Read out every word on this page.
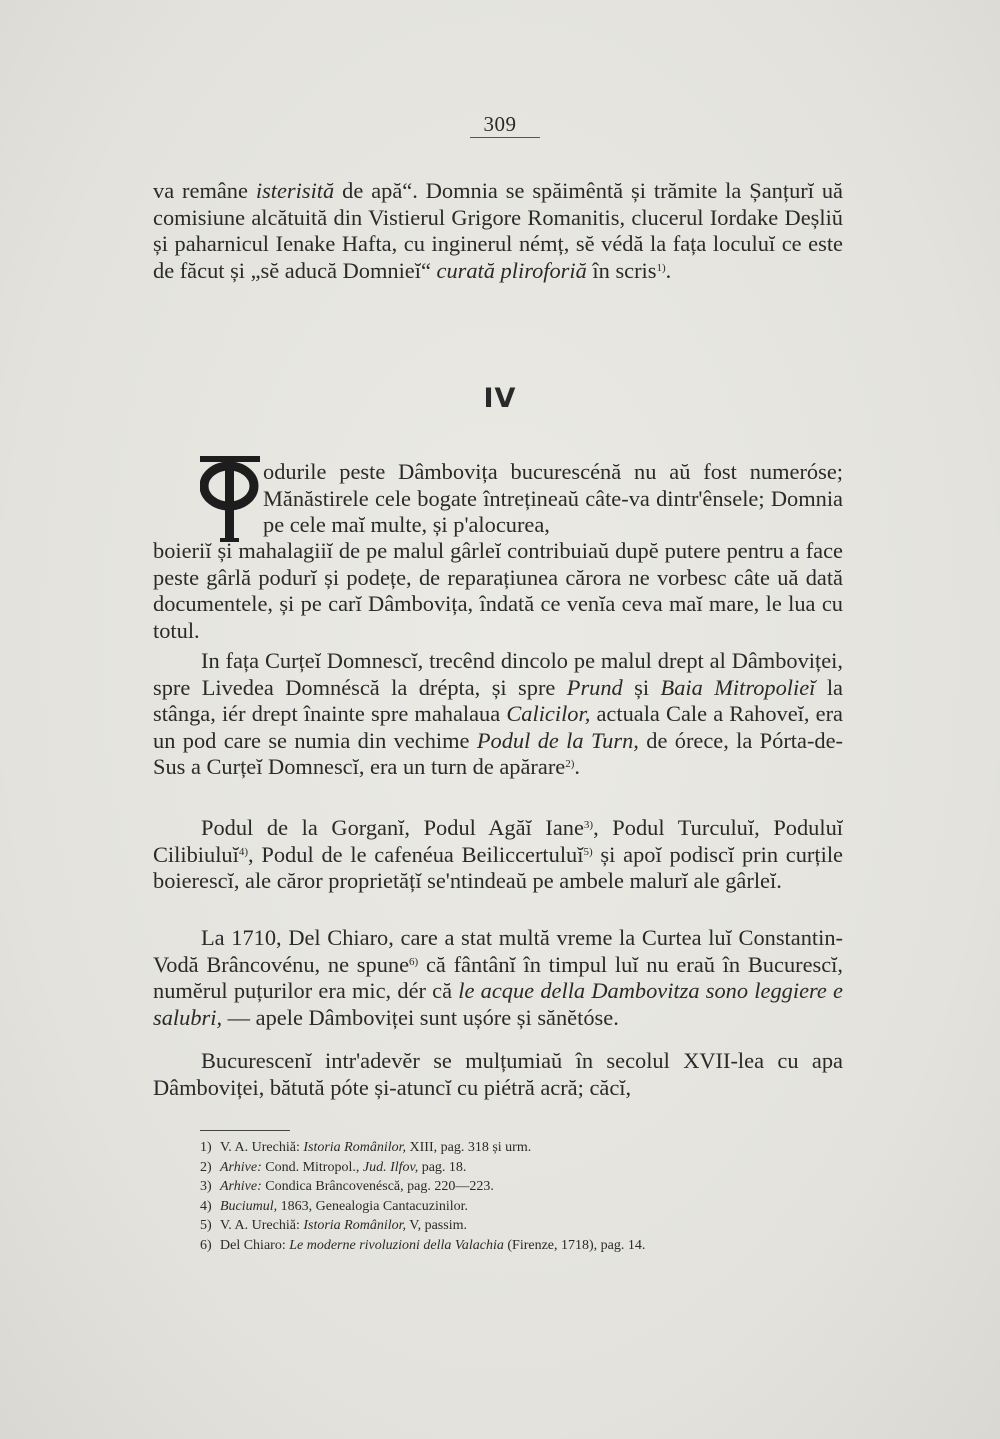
309
va remâne isterisită de apă“. Domnia se spăimêntă și trămite la Șanțurĭ uă comisiune alcătuită din Vistierul Grigore Romanitis, clucerul Iordake Deșliŭ și paharnicul Ienake Hafta, cu inginerul némț, sĕ védă la fața loculuĭ ce este de făcut și „sĕ aducă Domnieĭ“ curată pliroforiă în scris$^{1)}$.
IV
odurile peste Dâmbovița bucurescénă nu aŭ fost numeróse; Mănăstirele cele bogate întrețineaŭ câte-va dintr'ênsele; Domnia pe cele maĭ multe, și p'alocurea,
boieriĭ și mahalagiiĭ de pe malul gârleĭ contribuiaŭ dupĕ putere pentru a face peste gârlă podurĭ și podețe, de reparațiunea cărora ne vorbesc câte uă dată documentele, și pe carĭ Dâmbovița, îndată ce venĭa ceva maĭ mare, le lua cu totul.
In fața Curțeĭ Domnescĭ, trecênd dincolo pe malul drept al Dâmboviței, spre Livedea Domnéscă la drépta, și spre Prund și Baia Mitropolieĭ la stânga, iér drept înainte spre mahalaua Calicilor, actuala Cale a Rahoveĭ, era un pod care se numia din vechime Podul de la Turn, de órece, la Pórta-de-Sus a Curțeĭ Domnescĭ, era un turn de apărare$^{2)}$.
Podul de la Gorganĭ, Podul Agăĭ Iane$^{3)}$, Podul Turculuĭ, Poduluĭ Cilibiuluĭ$^{4)}$, Podul de le cafenéua Beiliccertuluĭ$^{5)}$ și apoĭ podiscĭ prin curțile boierescĭ, ale căror proprietățĭ se'ntindeaŭ pe ambele malurĭ ale gârleĭ.
La 1710, Del Chiaro, care a stat multă vreme la Curtea luĭ Constantin-Vodă Brâncovénu, ne spune$^{6)}$ că fântânĭ în timpul luĭ nu eraŭ în Bucurescĭ, numĕrul puțurilor era mic, dér că le acque della Dambovitza sono leggiere e salubri, — apele Dâmboviței sunt ușóre și sănĕtóse.
Bucurescenĭ intr'adevĕr se mulțumiaŭ în secolul XVII-lea cu apa Dâmboviței, bătută póte și-atuncĭ cu piétră acră; căcĭ,
1) V. A. Urechiă: Istoria Românilor, XIII, pag. 318 și urm.
2) Arhive: Cond. Mitropol., Jud. Ilfov, pag. 18.
3) Arhive: Condica Brâncovenéscă, pag. 220—223.
4) Buciumul, 1863, Genealogia Cantacuzinilor.
5) V. A. Urechiă: Istoria Românilor, V, passim.
6) Del Chiaro: Le moderne rivoluzioni della Valachia (Firenze, 1718), pag. 14.
